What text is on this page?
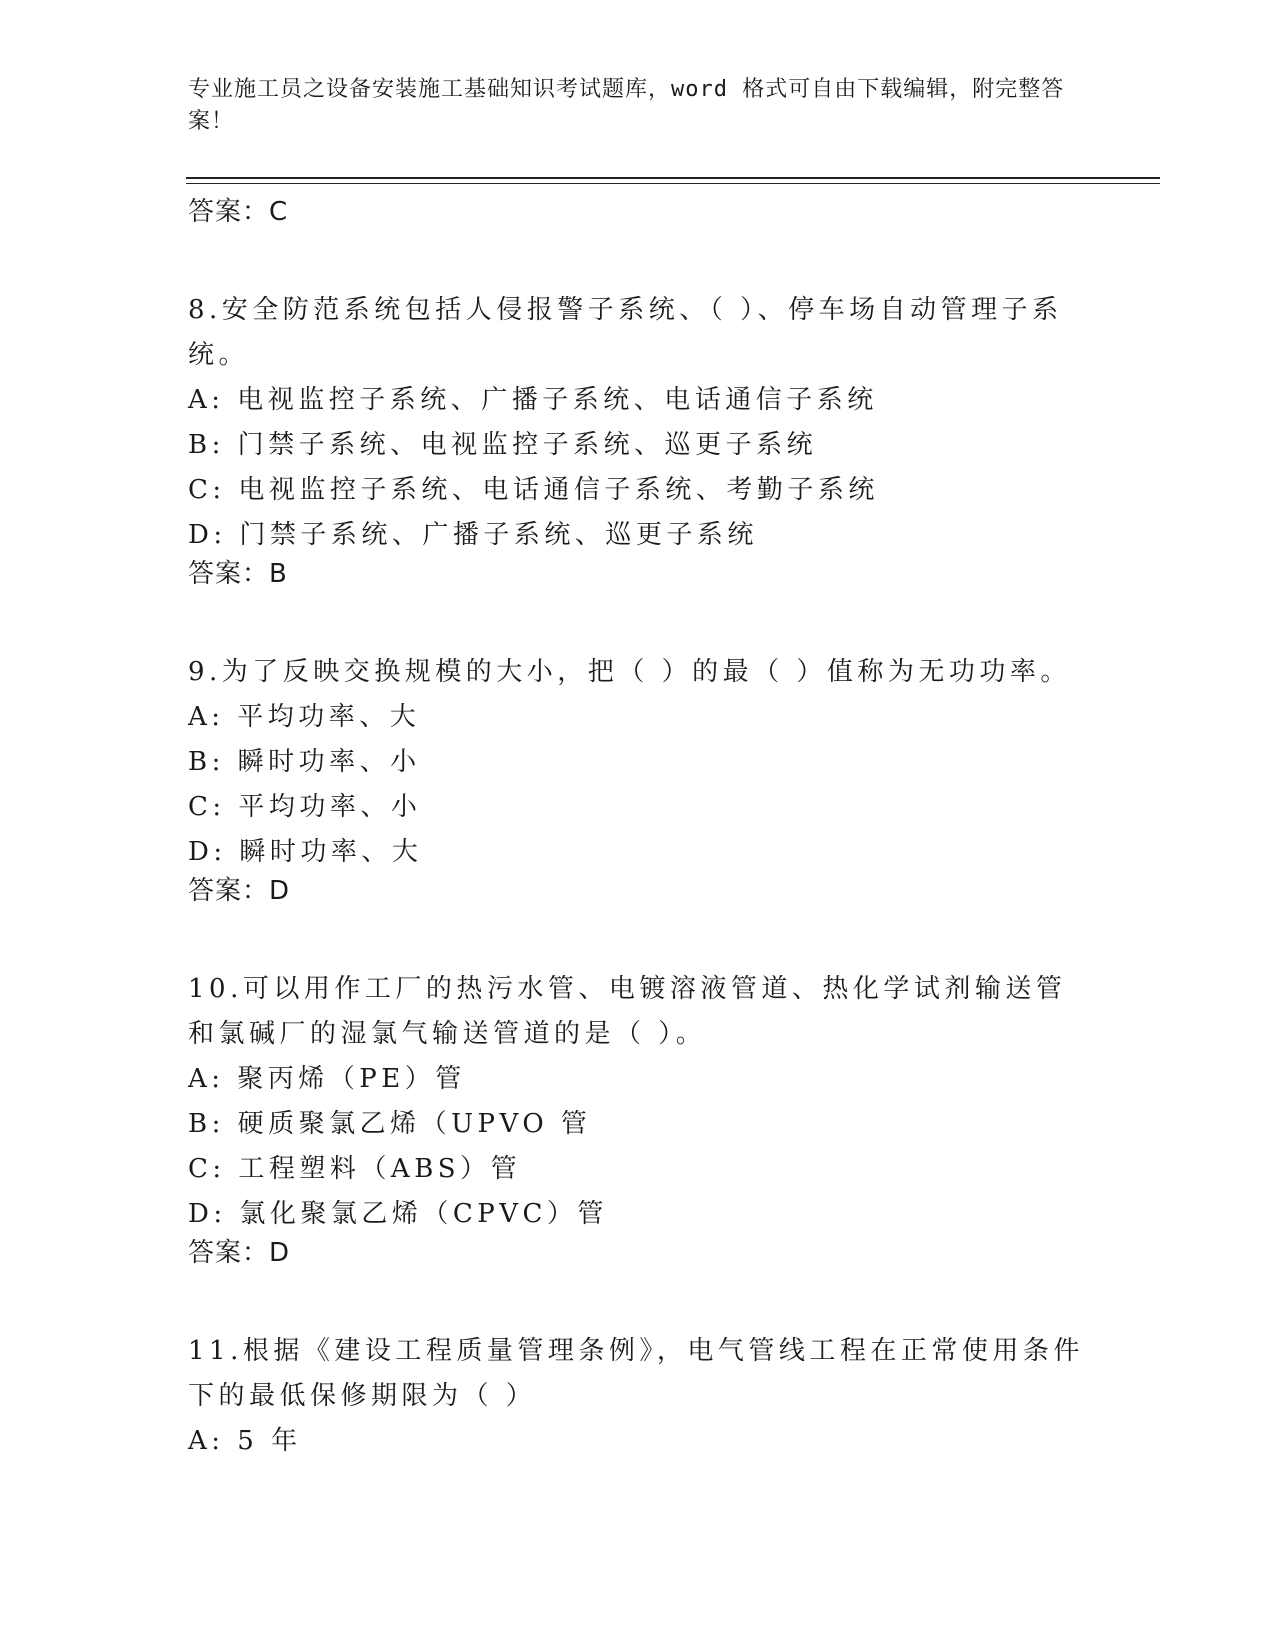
专业施工员之设备安装施工基础知识考试题库，word 格式可自由下载编辑，附完整答案！
答案：C
8.安全防范系统包括人侵报警子系统、（ ）、停车场自动管理子系统。
A: 电视监控子系统、广播子系统、电话通信子系统
B: 门禁子系统、电视监控子系统、巡更子系统
C: 电视监控子系统、电话通信子系统、考勤子系统
D: 门禁子系统、广播子系统、巡更子系统
答案：B
9.为了反映交换规模的大小，把（ ）的最（ ）值称为无功功率。
A: 平均功率、大
B: 瞬时功率、小
C: 平均功率、小
D: 瞬时功率、大
答案：D
10.可以用作工厂的热污水管、电镀溶液管道、热化学试剂输送管和氯碱厂的湿氯气输送管道的是（ ）。
A: 聚丙烯（PE）管
B: 硬质聚氯乙烯（UPVO 管
C: 工程塑料（ABS）管
D: 氯化聚氯乙烯（CPVC）管
答案：D
11.根据《建设工程质量管理条例》，电气管线工程在正常使用条件下的最低保修期限为（ ）
A: 5 年
